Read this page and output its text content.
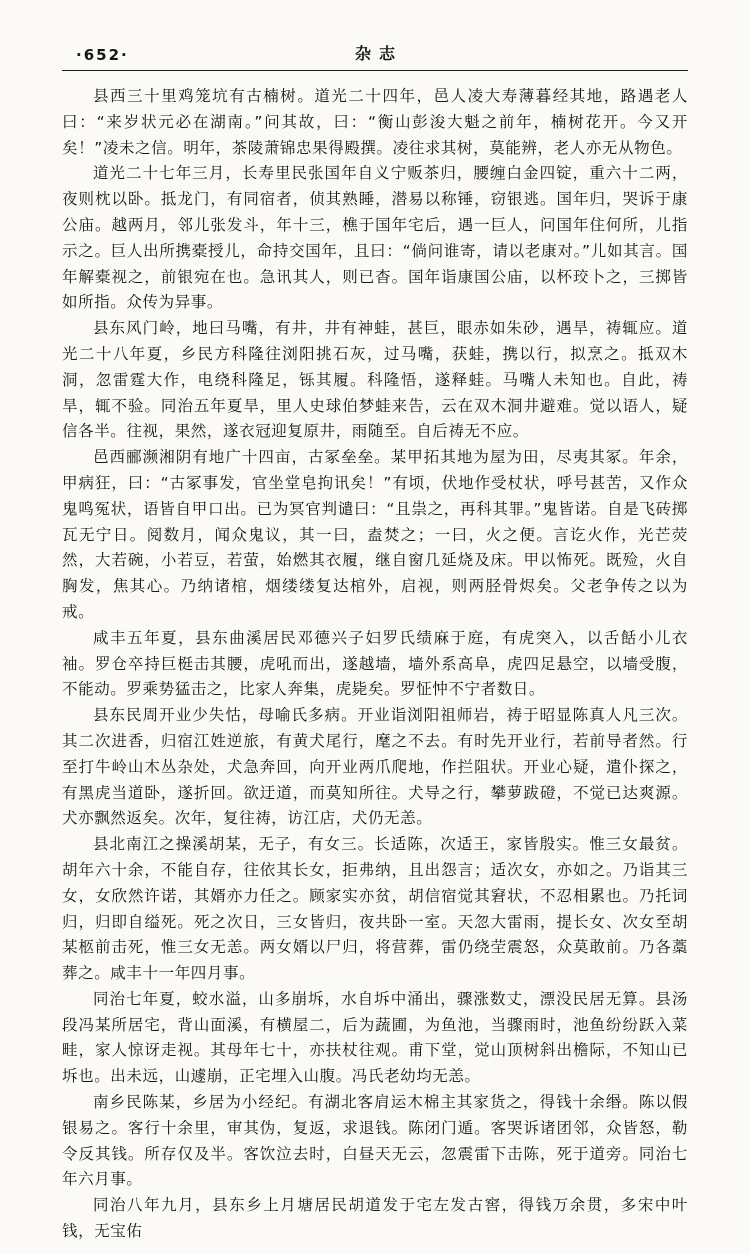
·652·	杂志

县西三十里鸡笼坑有古楠树。道光二十四年，邑人凌大寿薄暮经其地，路遇老人曰：“来岁状元必在湖南。”问其故，曰：“衡山彭浚大魁之前年，楠树花开。今又开矣！”凌未之信。明年，茶陵萧锦忠果得殿撰。凌往求其树，莫能辨，老人亦无从物色。

道光二十七年三月，长寿里民张国年自义宁贩茶归，腰缠白金四锭，重六十二两，夜则枕以卧。抵龙门，有同宿者，侦其熟睡，潜易以称锤，窃银逃。国年归，哭诉于康公庙。越两月，邻儿张发斗，年十三，樵于国年宅后，遇一巨人，问国年住何所，儿指示之。巨人出所携橐授儿，命持交国年，且曰：“倘问谁寄，请以老康对。”儿如其言。国年解橐视之，前银宛在也。急讯其人，则已杳。国年诣康国公庙，以杯珓卜之，三掷皆如所指。众传为异事。

县东风门岭，地曰马嘴，有井，井有神蛙，甚巨，眼赤如朱砂，遇旱，祷辄应。道光二十八年夏，乡民方科隆往浏阳挑石灰，过马嘴，获蛙，携以行，拟烹之。抵双木洞，忽雷霆大作，电绕科隆足，铄其履。科隆悟，遂释蛙。马嘴人未知也。自此，祷旱，辄不验。同治五年夏旱，里人史球伯梦蛙来告，云在双木洞井避难。觉以语人，疑信各半。往视，果然，遂衣冠迎复原井，雨随至。自后祷无不应。

邑西郦濒湘阴有地广十四亩，古冢垒垒。某甲拓其地为屋为田，尽夷其冢。年余，甲病狂，曰：“古冢事发，官坐堂皂拘讯矣！”有顷，伏地作受杖状，呼号甚苦，又作众鬼鸣冤状，语皆自甲口出。已为冥官判谴曰：“且祟之，再科其罪。”鬼皆诺。自是飞砖掷瓦无宁日。阅数月，闻众鬼议，其一曰，盍焚之；一曰，火之便。言讫火作，光芒荧然，大若碗，小若豆，若萤，始燃其衣履，继自窗几延烧及床。甲以怖死。既殓，火自胸发，焦其心。乃纳诸棺，烟缕缕复达棺外，启视，则两胫骨烬矣。父老争传之以为戒。

咸丰五年夏，县东曲溪居民邓德兴子妇罗氏绩麻于庭，有虎突入，以舌餂小儿衣袖。罗仓卒持巨梃击其腰，虎吼而出，遂越墙，墙外系高阜，虎四足悬空，以墙受腹，不能动。罗乘势猛击之，比家人奔集，虎毙矣。罗怔忡不宁者数日。

县东民周开业少失怙，母喻氏多病。开业诣浏阳祖师岩，祷于昭显陈真人凡三次。其二次进香，归宿江姓逆旅，有黄犬尾行，麾之不去。有时先开业行，若前导者然。行至打牛岭山木丛杂处，犬急奔回，向开业两爪爬地，作拦阻状。开业心疑，遣仆探之，有黑虎当道卧，遂折回。欲迂道，而莫知所往。犬导之行，攀萝跋磴，不觉已达爽源。犬亦飘然返矣。次年，复往祷，访江店，犬仍无恙。

县北南江之操溪胡某，无子，有女三。长适陈，次适王，家皆殷实。惟三女最贫。胡年六十余，不能自存，往依其长女，拒弗纳，且出怨言；适次女，亦如之。乃诣其三女，女欣然许诺，其婿亦力任之。顾家实亦贫，胡信宿觉其窘状，不忍相累也。乃托词归，归即自缢死。死之次日，三女皆归，夜共卧一室。天忽大雷雨，提长女、次女至胡某柩前击死，惟三女无恙。两女婿以尸归，将营葬，雷仍绕茔震怒，众莫敢前。乃各藁葬之。咸丰十一年四月事。

同治七年夏，蛟水溢，山多崩坼，水自坼中涌出，骤涨数丈，漂没民居无算。县汤段冯某所居宅，背山面溪，有横屋二，后为蔬圃，为鱼池，当骤雨时，池鱼纷纷跃入菜畦，家人惊讶走视。其母年七十，亦扶杖往观。甫下堂，觉山顶树斜出檐际，不知山已坼也。出未远，山遽崩，正宅埋入山腹。冯氏老幼均无恙。

南乡民陈某，乡居为小经纪。有湖北客肩运木棉主其家货之，得钱十余缗。陈以假银易之。客行十余里，审其伪，复返，求退钱。陈闭门遁。客哭诉诸团邻，众皆怒，勒令反其钱。所存仅及半。客饮泣去时，白昼天无云，忽震雷下击陈，死于道旁。同治七年六月事。

同治八年九月，县东乡上月塘居民胡道发于宅左发古窖，得钱万余贯，多宋中叶钱，无宝佑
